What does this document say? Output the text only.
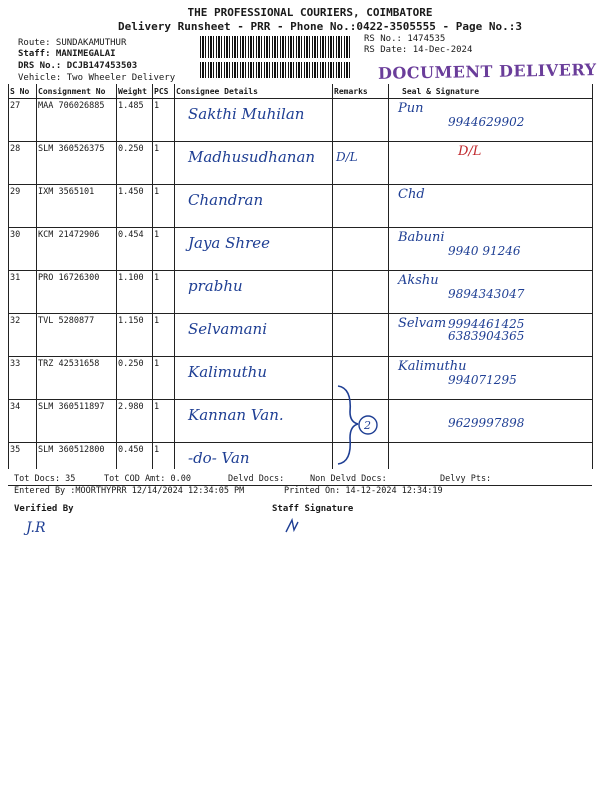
THE PROFESSIONAL COURIERS, COIMBATORE
Delivery Runsheet - PRR - Phone No.:0422-3505555 - Page No.:3
Route: SUNDAKAMUTHUR
Staff: MANIMEGALAI
DRS No.: DCJB147453503
Vehicle: Two Wheeler Delivery
RS No.: 1474535
RS Date: 14-Dec-2024
DOCUMENT DELIVERY
S No	Consignment No	Weight	PCS	Consignee Details	Remarks	Seal & Signature
27	MAA 706026885	1.485	1	Sakthi Muhilan		Pun
9944629902

28	SLM 360526375	0.250	1	Madhusudhanan	D/L	D/L

29	IXM 3565101	1.450	1	Chandran		Chd

30	KCM 21472906	0.454	1	Jaya Shree		Babuni
9940 91246

31	PRO 16726300	1.100	1	prabhu		Akshu
9894343047

32	TVL 5280877	1.150	1	Selvamani		Selvam 9994461425 6383904365

33	TRZ 42531658	0.250	1	Kalimuthu		Kalimuthu
994071295

34	SLM 360511897	2.980	1	Kannan Van.		9629997898

35	SLM 360512800	0.450	1	-do- Van		

2
Tot Docs: 35	Tot COD Amt: 0.00	Delvd Docs:	Non Delvd Docs:	Delvy Pts:
Entered By :MOORTHYPRR 12/14/2024 12:34:05 PM	Printed On: 14-12-2024 12:34:19
Verified By	Staff Signature
J.R
